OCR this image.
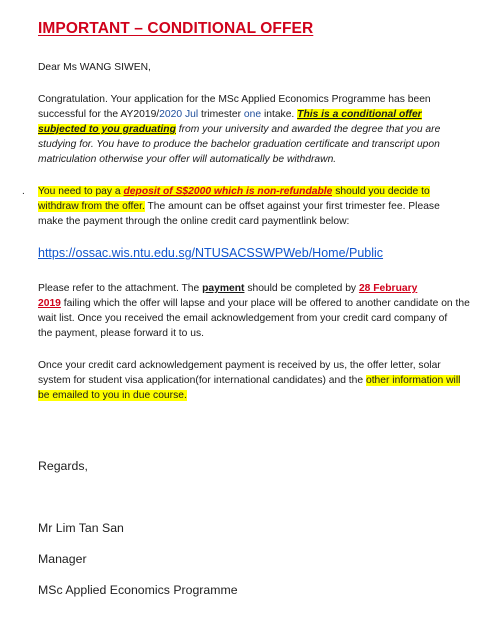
IMPORTANT – CONDITIONAL OFFER
Dear Ms WANG SIWEN,
Congratulation. Your application for the MSc Applied Economics Programme has been
successful for the AY2019/2020 Jul trimester one intake. This is a conditional offer
subjected to you graduating from your university and awarded the degree that you are
studying for. You have to produce the bachelor graduation certificate and transcript upon
matriculation otherwise your offer will automatically be withdrawn.
. You need to pay a deposit of S$2000 which is non-refundable should you decide to
withdraw from the offer. The amount can be offset against your first trimester fee. Please
make the payment through the online credit card paymentlink below:
https://ossac.wis.ntu.edu.sg/NTUSACSSWPWeb/Home/Public
Please refer to the attachment. The payment should be completed by 28 February
2019 failing which the offer will lapse and your place will be offered to another candidate on the
wait list. Once you received the email acknowledgement from your credit card company of
the payment, please forward it to us.
Once your credit card acknowledgement payment is received by us, the offer letter, solar
system for student visa application(for international candidates) and the other information will
be emailed to you in due course.
Regards,
Mr Lim Tan San
Manager
MSc Applied Economics Programme
